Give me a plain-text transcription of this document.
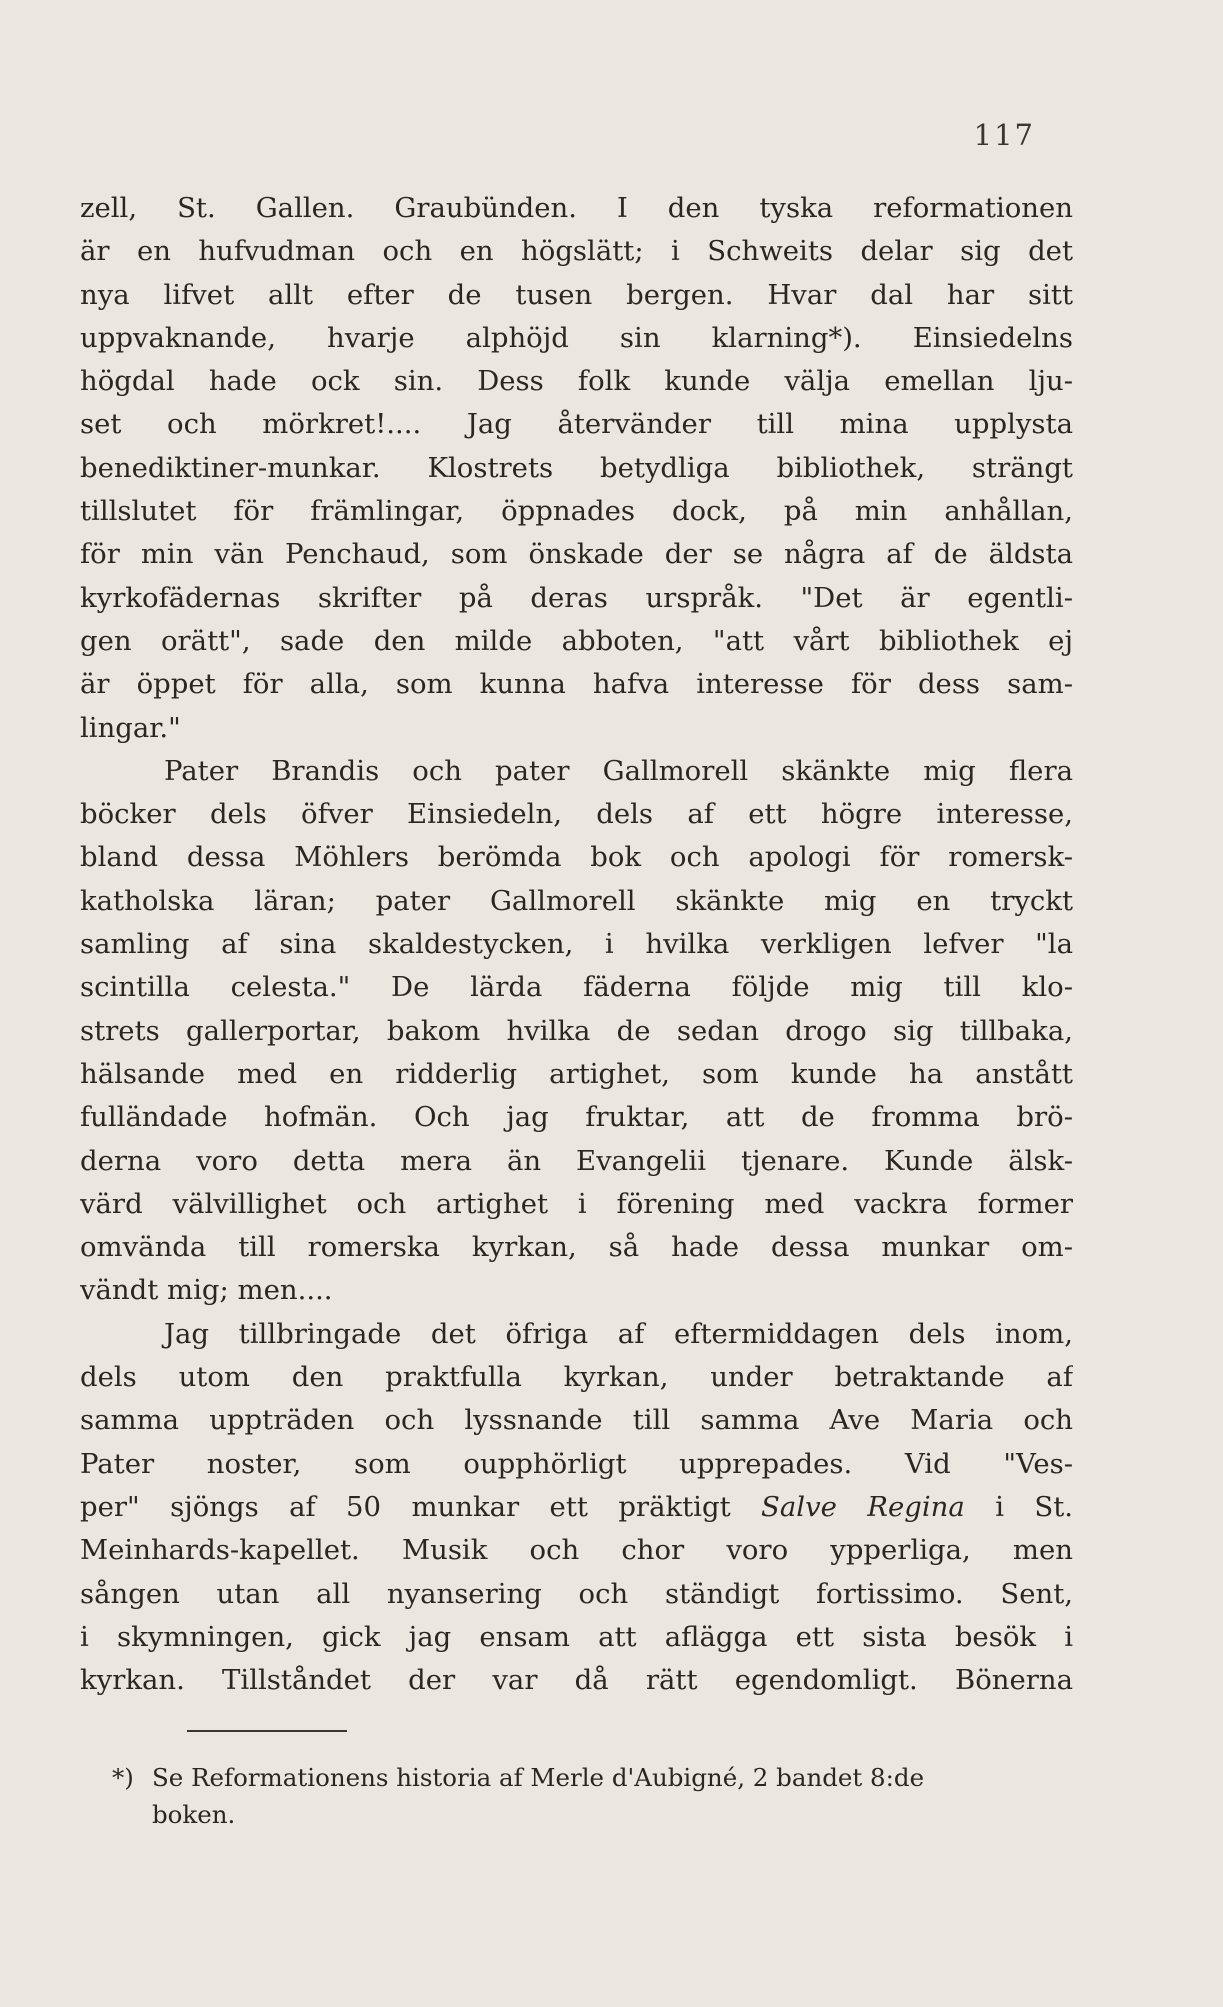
117
zell, St. Gallen. Graubünden. I den tyska reformationen
är en hufvudman och en högslätt; i Schweits delar sig det
nya lifvet allt efter de tusen bergen. Hvar dal har sitt
uppvaknande, hvarje alphöjd sin klarning*). Einsiedelns
högdal hade ock sin. Dess folk kunde välja emellan lju-
set och mörkret!.... Jag återvänder till mina upplysta
benediktiner-munkar. Klostrets betydliga bibliothek, strängt
tillslutet för främlingar, öppnades dock, på min anhållan,
för min vän Penchaud, som önskade der se några af de äldsta
kyrkofädernas skrifter på deras urspråk. "Det är egentli-
gen orätt", sade den milde abboten, "att vårt bibliothek ej
är öppet för alla, som kunna hafva interesse för dess sam-
lingar."
Pater Brandis och pater Gallmorell skänkte mig flera
böcker dels öfver Einsiedeln, dels af ett högre interesse,
bland dessa Möhlers berömda bok och apologi för romersk-
katholska läran; pater Gallmorell skänkte mig en tryckt
samling af sina skaldestycken, i hvilka verkligen lefver "la
scintilla celesta." De lärda fäderna följde mig till klo-
strets gallerportar, bakom hvilka de sedan drogo sig tillbaka,
hälsande med en ridderlig artighet, som kunde ha anstått
fulländade hofmän. Och jag fruktar, att de fromma brö-
derna voro detta mera än Evangelii tjenare. Kunde älsk-
värd välvillighet och artighet i förening med vackra former
omvända till romerska kyrkan, så hade dessa munkar om-
vändt mig; men....
Jag tillbringade det öfriga af eftermiddagen dels inom,
dels utom den praktfulla kyrkan, under betraktande af
samma uppträden och lyssnande till samma Ave Maria och
Pater noster, som oupphörligt upprepades. Vid "Ves-
per" sjöngs af 50 munkar ett präktigt Salve Regina i St.
Meinhards-kapellet. Musik och chor voro ypperliga, men
sången utan all nyansering och ständigt fortissimo. Sent,
i skymningen, gick jag ensam att aflägga ett sista besök i
kyrkan. Tillståndet der var då rätt egendomligt. Bönerna
*) Se Reformationens historia af Merle d'Aubigné, 2 bandet 8:de
boken.
